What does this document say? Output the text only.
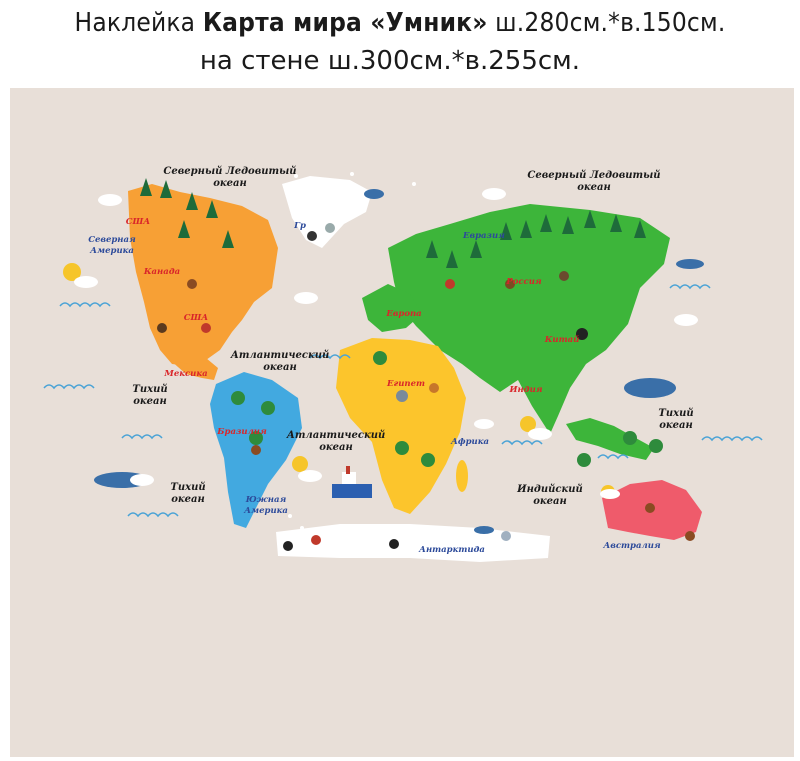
Наклейка Карта мира «Умник» ш.280см.*в.150см.
на стене ш.300см.*в.255см.
Северный Ледовитый
океан
Северный Ледовитый
океан
Тихий
океан
Тихий
океан
Тихий
океан
Атлантический
океан
Атлантический
океан
Индийский
океан
Северная
Америка
Южная
Америка
Евразия
Африка
Австралия
Антарктида
Гр
США
Канада
США
Мексика
Бразилия
Россия
Китай
Индия
Египет
Европа
